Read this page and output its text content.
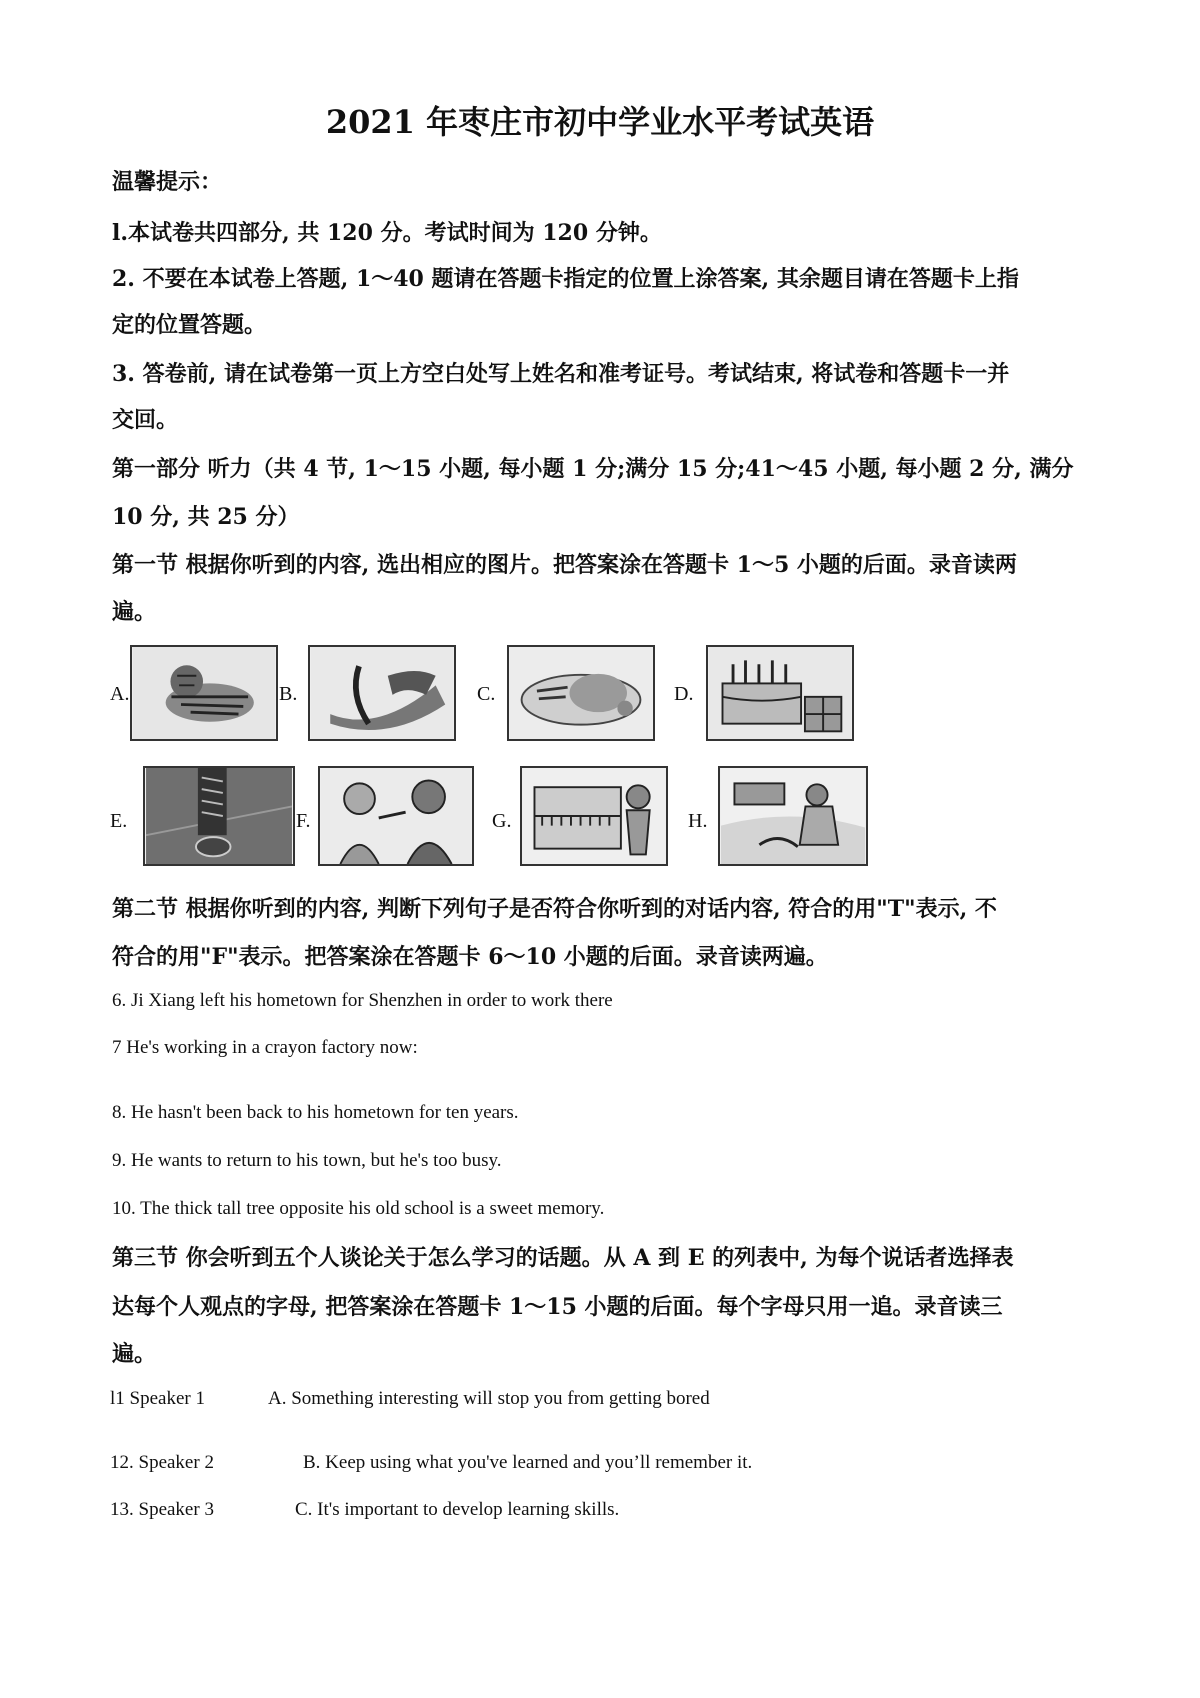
2021 年枣庄市初中学业水平考试英语
温馨提示：
l.本试卷共四部分, 共 120 分。考试时间为 120 分钟。
2. 不要在本试卷上答题, 1～40 题请在答题卡指定的位置上涂答案, 其余题目请在答题卡上指
定的位置答题。
3. 答卷前, 请在试卷第一页上方空白处写上姓名和准考证号。考试结束, 将试卷和答题卡一并
交回。
第一部分 听力（共 4 节, 1～15 小题, 每小题 1 分;满分 15 分;41～45 小题, 每小题 2 分, 满分
10 分, 共 25 分）
第一节 根据你听到的内容, 选出相应的图片。把答案涂在答题卡 1～5 小题的后面。录音读两
遍。
A.	B.	C.	D.
E.	F.	G.	H.
第二节 根据你听到的内容, 判断下列句子是否符合你听到的对话内容, 符合的用"T"表示, 不
符合的用"F"表示。把答案涂在答题卡 6～10 小题的后面。录音读两遍。
6. Ji Xiang left his hometown for Shenzhen in order to work there
7 He's working in a crayon factory now:
8. He hasn't been back to his hometown for ten years.
9. He wants to return to his town, but he's too busy.
10. The thick tall tree opposite his old school is a sweet memory.
第三节 你会听到五个人谈论关于怎么学习的话题。从 A 到 E 的列表中, 为每个说话者选择表
达每个人观点的字母, 把答案涂在答题卡 1～15 小题的后面。每个字母只用一追。录音读三
遍。
l1 Speaker 1	A. Something interesting will stop you from getting bored
12. Speaker 2	B. Keep using what you've learned and you’ll remember it.
13. Speaker 3	C. It's important to develop learning skills.
